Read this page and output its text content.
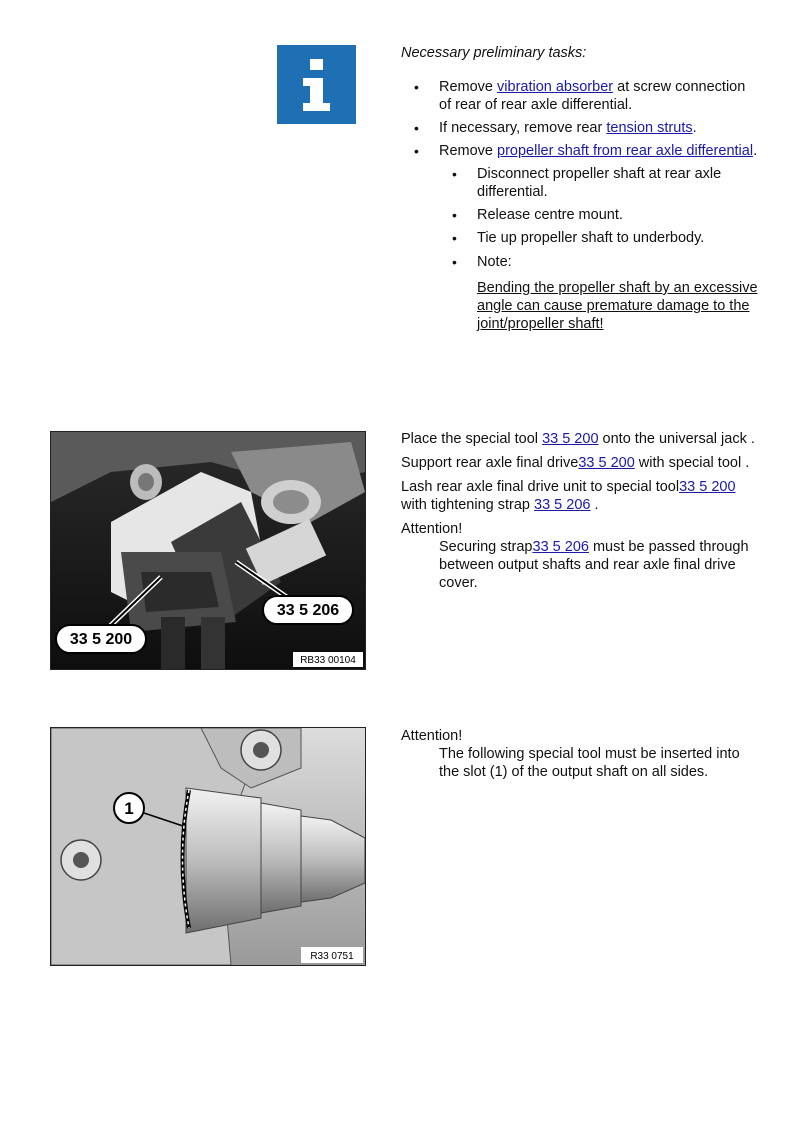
Necessary preliminary tasks:
• Remove vibration absorber at screw connection of rear of rear axle differential.
• If necessary, remove rear tension struts.
• Remove propeller shaft from rear axle differential.
• Disconnect propeller shaft at rear axle differential.
• Release centre mount.
• Tie up propeller shaft to underbody.
• Note:
Bending the propeller shaft by an excessive angle can cause premature damage to the joint/propeller shaft!
33 5 200
33 5 206
RB33 00104

Place the special tool 33 5 200 onto the universal jack .

Support rear axle final drive33 5 200 with special tool .

Lash rear axle final drive unit to special tool33 5 200 with tightening strap 33 5 206 .

Attention!
Securing strap33 5 206 must be passed through between output shafts and rear axle final drive cover.
1
R33 0751
Attention!
The following special tool must be inserted into the slot (1) of the output shaft on all sides.
